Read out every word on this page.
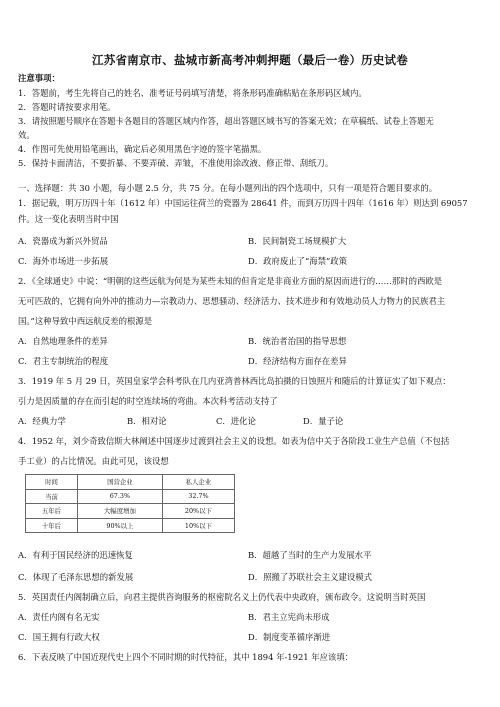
江苏省南京市、盐城市新高考冲刺押题（最后一卷）历史试卷
注意事项：
1．答题前，考生先将自己的姓名、准考证号码填写清楚，将条形码准确粘贴在条形码区域内。
2．答题时请按要求用笔。
3．请按照题号顺序在答题卡各题目的答题区域内作答，超出答题区域书写的答案无效；在草稿纸、试卷上答题无
效。
4．作图可先使用铅笔画出，确定后必须用黑色字迹的签字笔描黑。
5．保持卡面清洁，不要折暴、不要弄破、弄皱，不准使用涂改液、修正带、刮纸刀。
一、选择题：共 30 小题，每小题 2.5 分，共 75 分。在每小题列出的四个选项中，只有一项是符合题目要求的。
1．据记载，明万历四十年（1612 年）中国运往荷兰的瓷器为 28641 件，而到万历四十四年（1616 年）则达到 69057
件。这一变化表明当时中国
A．瓷器成为新兴外贸品	B．民间制瓷工场规模扩大
C．海外市场进一步拓展	D．政府废止了“海禁”政策
2．《全球通史》中说：“明朝的这些远航为何是为某些未知的但肯定是非商业方面的原因而进行的……那时的西欧是
无可匹敌的，它拥有向外冲的推动力—宗教动力、思想骚动、经济活力、技术进步和有效地动员人力物力的民族君主
国。”这种导致中西远航反差的根源是
A．自然地理条件的差异	B．统治者治国的指导思想
C．君主专制统治的程度	D．经济结构方面存在差异
3．1919 年 5 月 29 日，英国皇家学会科考队在几内亚湾普林西比岛拍摄的日蚀照片和随后的计算证实了如下观点：
引力是因质量的存在而引起的时空连续场的弯曲。本次科考活动支持了
A．经典力学	B．相对论	C．进化论	D．量子论
4．1952 年，刘少奇致信斯大林阐述中国逐步过渡到社会主义的设想。如表为信中关于各阶段工业生产总值（不包括
手工业）的占比情况。由此可见，该设想
时间	国营企业	私人企业
当前	67.3%	32.7%
五年后	大幅度增加	20%以下
十年后	90%以上	10%以下
A．有利于国民经济的迅速恢复	B．超越了当时的生产力发展水平
C．体现了毛泽东思想的新发展	D．照搬了苏联社会主义建设模式
5．英国责任内阁制确立后，向君主提供咨询服务的枢密院名义上仍代表中央政府，颁布政令。这说明当时英国
A．责任内阁有名无实	B．君主立宪尚未形成
C．国王拥有行政大权	D．制度变革循序渐进
6．下表反映了中国近现代史上四个不同时期的时代特征，其中 1894 年-1921 年应该填：
